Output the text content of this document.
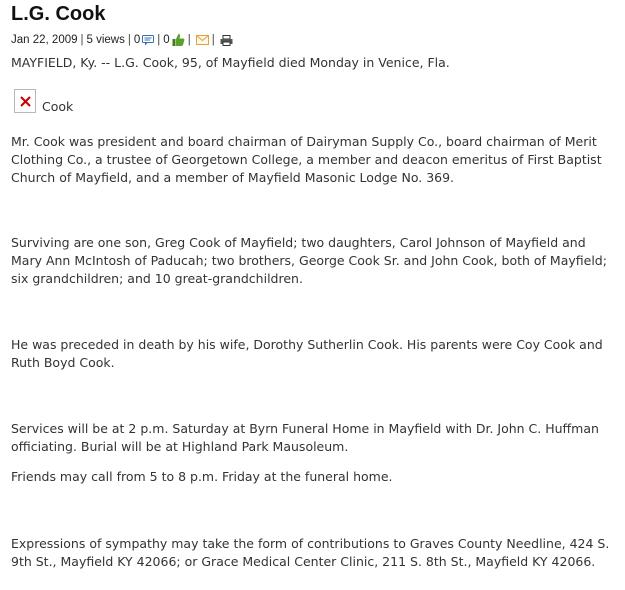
L.G. Cook
Jan 22, 2009 | 5 views | 0 | 0 | |

MAYFIELD, Ky. -- L.G. Cook, 95, of Mayfield died Monday in Venice, Fla.

Cook

Mr. Cook was president and board chairman of Dairyman Supply Co., board chairman of Merit Clothing Co., a trustee of Georgetown College, a member and deacon emeritus of First Baptist Church of Mayfield, and a member of Mayfield Masonic Lodge No. 369.

Surviving are one son, Greg Cook of Mayfield; two daughters, Carol Johnson of Mayfield and Mary Ann McIntosh of Paducah; two brothers, George Cook Sr. and John Cook, both of Mayfield; six grandchildren; and 10 great-grandchildren.

He was preceded in death by his wife, Dorothy Sutherlin Cook. His parents were Coy Cook and Ruth Boyd Cook.

Services will be at 2 p.m. Saturday at Byrn Funeral Home in Mayfield with Dr. John C. Huffman officiating. Burial will be at Highland Park Mausoleum.

Friends may call from 5 to 8 p.m. Friday at the funeral home.

Expressions of sympathy may take the form of contributions to Graves County Needline, 424 S. 9th St., Mayfield KY 42066; or Grace Medical Center Clinic, 211 S. 8th St., Mayfield KY 42066.
